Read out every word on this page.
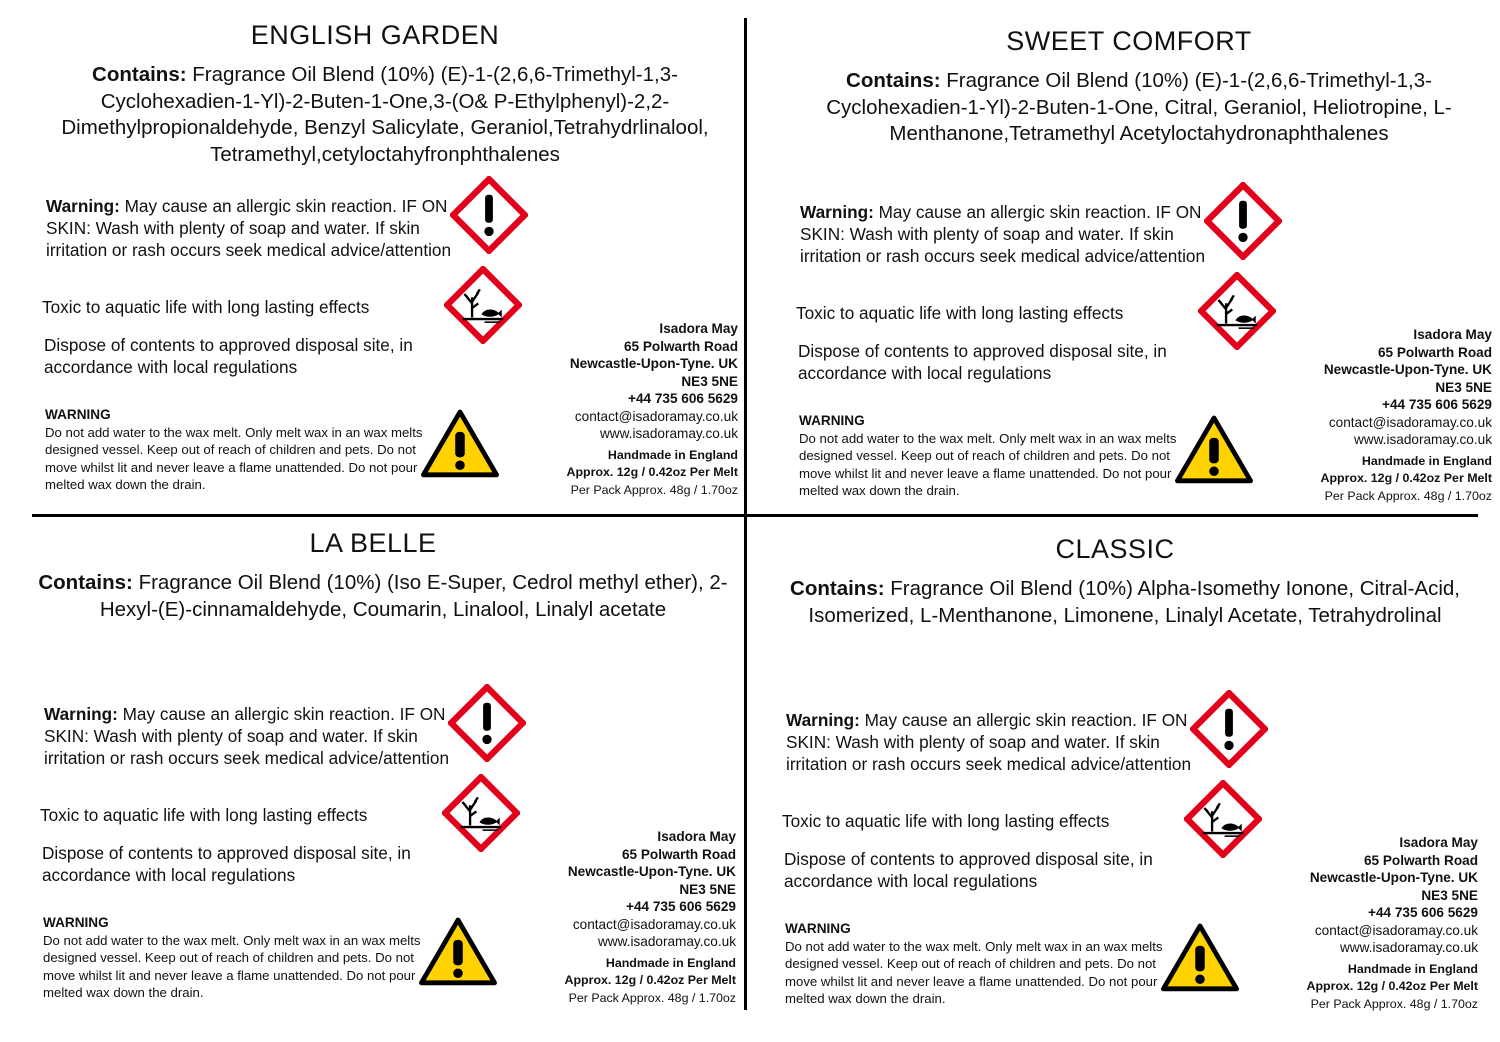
ENGLISH GARDEN
Contains: Fragrance Oil Blend (10%) (E)-1-(2,6,6-Trimethyl-1,3-Cyclohexadien-1-Yl)-2-Buten-1-One,3-(O& P-Ethylphenyl)-2,2-Dimethylpropionaldehyde, Benzyl Salicylate, Geraniol,Tetrahydrlinalool, Tetramethyl,cetyloctahyfronphthalenes
Warning: May cause an allergic skin reaction. IF ON SKIN: Wash with plenty of soap and water. If skin irritation or rash occurs seek medical advice/attention
Toxic to aquatic life with long lasting effects
Dispose of contents to approved disposal site, in accordance with local regulations
WARNING
Do not add water to the wax melt. Only melt wax in an wax melts designed vessel. Keep out of reach of children and pets. Do not move whilst lit and never leave a flame unattended. Do not pour melted wax down the drain.
Isadora May
65 Polwarth Road
Newcastle-Upon-Tyne. UK
NE3 5NE
+44 735 606 5629
contact@isadoramay.co.uk
www.isadoramay.co.uk
Handmade in England
Approx. 12g / 0.42oz Per Melt
Per Pack Approx. 48g / 1.70oz
SWEET COMFORT
Contains: Fragrance Oil Blend (10%) (E)-1-(2,6,6-Trimethyl-1,3-Cyclohexadien-1-Yl)-2-Buten-1-One, Citral, Geraniol, Heliotropine, L-Menthanone,Tetramethyl Acetyloctahydronaphthalenes
Warning: May cause an allergic skin reaction. IF ON SKIN: Wash with plenty of soap and water. If skin irritation or rash occurs seek medical advice/attention
Toxic to aquatic life with long lasting effects
Dispose of contents to approved disposal site, in accordance with local regulations
WARNING
Do not add water to the wax melt. Only melt wax in an wax melts designed vessel. Keep out of reach of children and pets. Do not move whilst lit and never leave a flame unattended. Do not pour melted wax down the drain.
Isadora May
65 Polwarth Road
Newcastle-Upon-Tyne. UK
NE3 5NE
+44 735 606 5629
contact@isadoramay.co.uk
www.isadoramay.co.uk
Handmade in England
Approx. 12g / 0.42oz Per Melt
Per Pack Approx. 48g / 1.70oz
LA BELLE
Contains: Fragrance Oil Blend (10%) (Iso E-Super, Cedrol methyl ether), 2-Hexyl-(E)-cinnamaldehyde, Coumarin, Linalool, Linalyl acetate
Warning: May cause an allergic skin reaction. IF ON SKIN: Wash with plenty of soap and water. If skin irritation or rash occurs seek medical advice/attention
Toxic to aquatic life with long lasting effects
Dispose of contents to approved disposal site, in accordance with local regulations
WARNING
Do not add water to the wax melt. Only melt wax in an wax melts designed vessel. Keep out of reach of children and pets. Do not move whilst lit and never leave a flame unattended. Do not pour melted wax down the drain.
Isadora May
65 Polwarth Road
Newcastle-Upon-Tyne. UK
NE3 5NE
+44 735 606 5629
contact@isadoramay.co.uk
www.isadoramay.co.uk
Handmade in England
Approx. 12g / 0.42oz Per Melt
Per Pack Approx. 48g / 1.70oz
CLASSIC
Contains: Fragrance Oil Blend (10%) Alpha-Isomethy Ionone, Citral-Acid, Isomerized, L-Menthanone, Limonene, Linalyl Acetate, Tetrahydrolinal
Warning: May cause an allergic skin reaction. IF ON SKIN: Wash with plenty of soap and water. If skin irritation or rash occurs seek medical advice/attention
Toxic to aquatic life with long lasting effects
Dispose of contents to approved disposal site, in accordance with local regulations
WARNING
Do not add water to the wax melt. Only melt wax in an wax melts designed vessel. Keep out of reach of children and pets. Do not move whilst lit and never leave a flame unattended. Do not pour melted wax down the drain.
Isadora May
65 Polwarth Road
Newcastle-Upon-Tyne. UK
NE3 5NE
+44 735 606 5629
contact@isadoramay.co.uk
www.isadoramay.co.uk
Handmade in England
Approx. 12g / 0.42oz Per Melt
Per Pack Approx. 48g / 1.70oz
